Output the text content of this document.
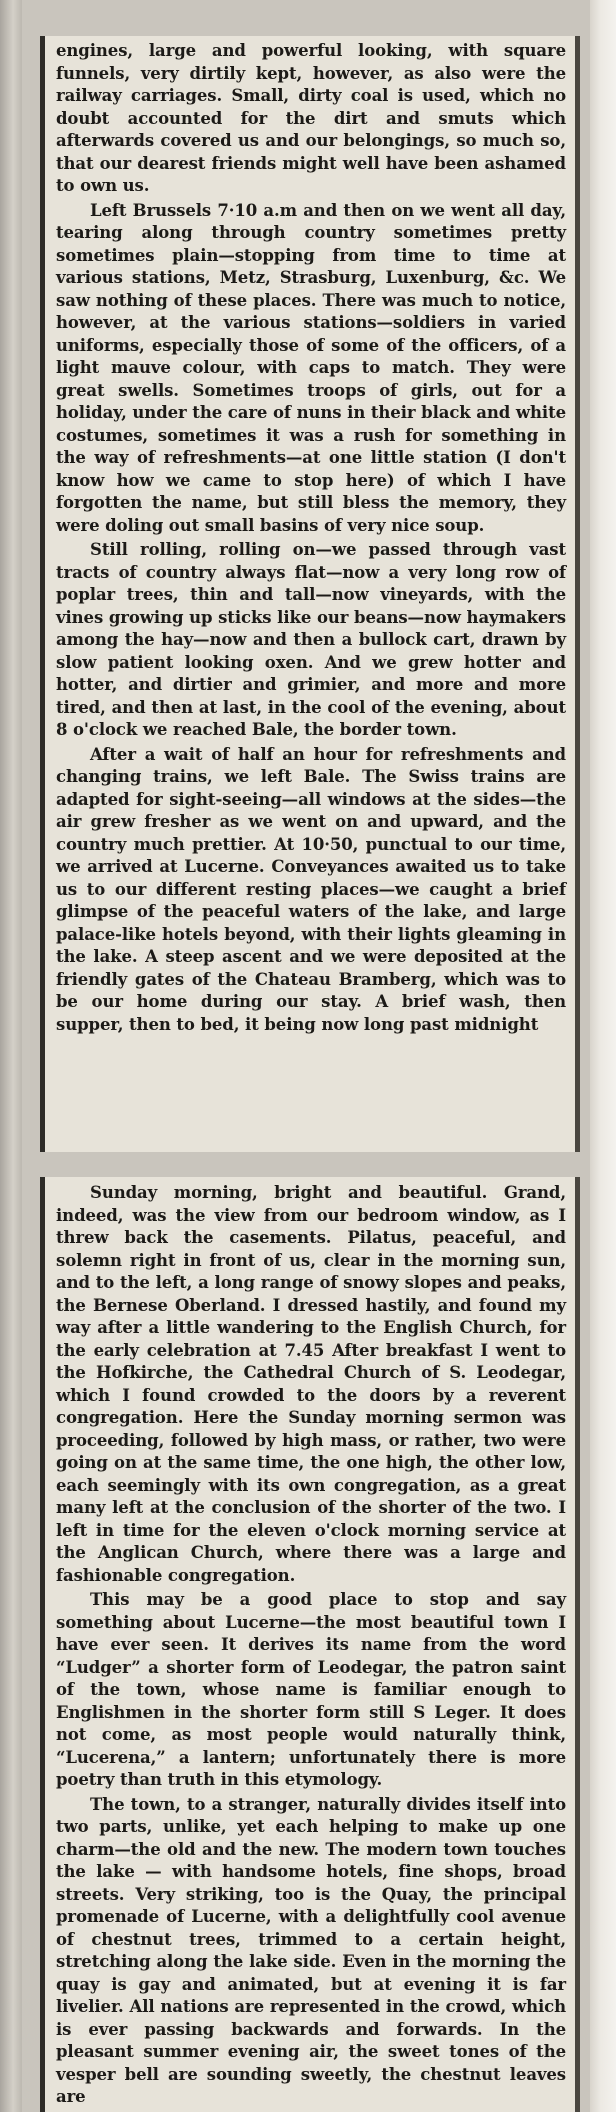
engines, large and powerful looking, with square funnels, very dirtily kept, however, as also were the railway carriages. Small, dirty coal is used, which no doubt accounted for the dirt and smuts which afterwards covered us and our belongings, so much so, that our dearest friends might well have been ashamed to own us.

Left Brussels 7·10 a.m and then on we went all day, tearing along through country sometimes pretty sometimes plain—stopping from time to time at various stations, Metz, Strasburg, Luxenburg, &c. We saw nothing of these places. There was much to notice, however, at the various stations—soldiers in varied uniforms, especially those of some of the officers, of a light mauve colour, with caps to match. They were great swells. Sometimes troops of girls, out for a holiday, under the care of nuns in their black and white costumes, sometimes it was a rush for something in the way of refreshments—at one little station (I don't know how we came to stop here) of which I have forgotten the name, but still bless the memory, they were doling out small basins of very nice soup.

Still rolling, rolling on—we passed through vast tracts of country always flat—now a very long row of poplar trees, thin and tall—now vineyards, with the vines growing up sticks like our beans—now haymakers among the hay—now and then a bullock cart, drawn by slow patient looking oxen. And we grew hotter and hotter, and dirtier and grimier, and more and more tired, and then at last, in the cool of the evening, about 8 o'clock we reached Bale, the border town.

After a wait of half an hour for refreshments and changing trains, we left Bale. The Swiss trains are adapted for sight-seeing—all windows at the sides—the air grew fresher as we went on and upward, and the country much prettier. At 10·50, punctual to our time, we arrived at Lucerne. Conveyances awaited us to take us to our different resting places—we caught a brief glimpse of the peaceful waters of the lake, and large palace-like hotels beyond, with their lights gleaming in the lake. A steep ascent and we were deposited at the friendly gates of the Chateau Bramberg, which was to be our home during our stay. A brief wash, then supper, then to bed, it being now long past midnight

Sunday morning, bright and beautiful. Grand, indeed, was the view from our bedroom window, as I threw back the casements. Pilatus, peaceful, and solemn right in front of us, clear in the morning sun, and to the left, a long range of snowy slopes and peaks, the Bernese Oberland. I dressed hastily, and found my way after a little wandering to the English Church, for the early celebration at 7.45 After breakfast I went to the Hofkirche, the Cathedral Church of S. Leodegar, which I found crowded to the doors by a reverent congregation. Here the Sunday morning sermon was proceeding, followed by high mass, or rather, two were going on at the same time, the one high, the other low, each seemingly with its own congregation, as a great many left at the conclusion of the shorter of the two. I left in time for the eleven o'clock morning service at the Anglican Church, where there was a large and fashionable congregation.

This may be a good place to stop and say something about Lucerne—the most beautiful town I have ever seen. It derives its name from the word “Ludger” a shorter form of Leodegar, the patron saint of the town, whose name is familiar enough to Englishmen in the shorter form still S Leger. It does not come, as most people would naturally think, “Lucerena,” a lantern; unfortunately there is more poetry than truth in this etymology.

The town, to a stranger, naturally divides itself into two parts, unlike, yet each helping to make up one charm—the old and the new. The modern town touches the lake — with handsome hotels, fine shops, broad streets. Very striking, too is the Quay, the principal promenade of Lucerne, with a delightfully cool avenue of chestnut trees, trimmed to a certain height, stretching along the lake side. Even in the morning the quay is gay and animated, but at evening it is far livelier. All nations are represented in the crowd, which is ever passing backwards and forwards. In the pleasant summer evening air, the sweet tones of the vesper bell are sounding sweetly, the chestnut leaves are
